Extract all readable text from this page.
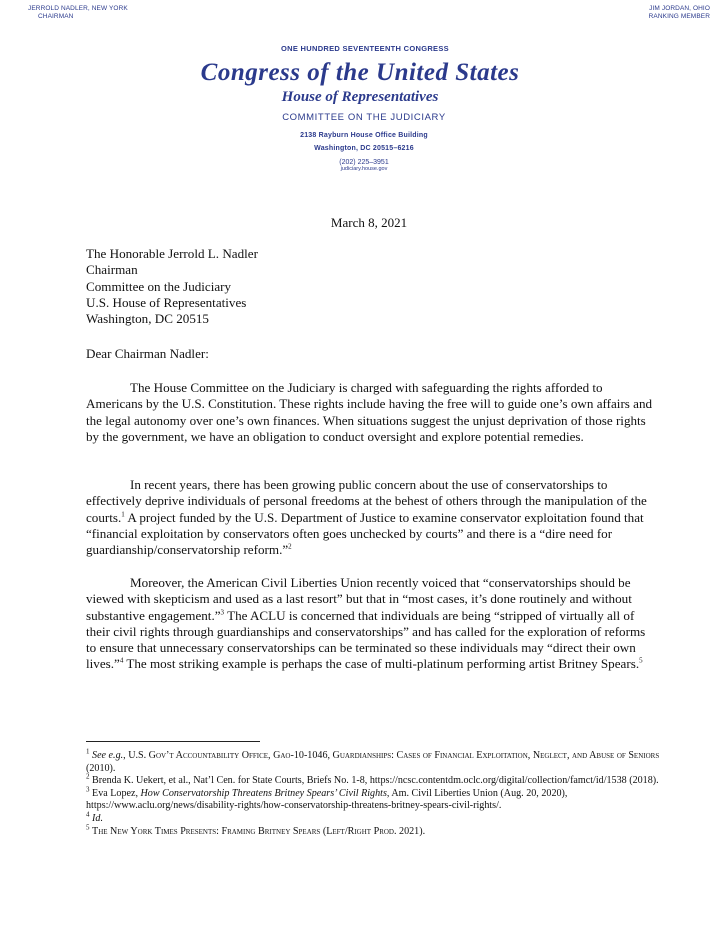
JERROLD NADLER, NEW YORK
CHAIRMAN
JIM JORDAN, OHIO
RANKING MEMBER
ONE HUNDRED SEVENTEENTH CONGRESS
Congress of the United States
House of Representatives
COMMITTEE ON THE JUDICIARY
2138 Rayburn House Office Building
Washington, DC 20515–6216
(202) 225–3951
judiciary.house.gov
March 8, 2021
The Honorable Jerrold L. Nadler
Chairman
Committee on the Judiciary
U.S. House of Representatives
Washington, DC 20515
Dear Chairman Nadler:

The House Committee on the Judiciary is charged with safeguarding the rights afforded to Americans by the U.S. Constitution. These rights include having the free will to guide one’s own affairs and the legal autonomy over one’s own finances. When situations suggest the unjust deprivation of those rights by the government, we have an obligation to conduct oversight and explore potential remedies.

In recent years, there has been growing public concern about the use of conservatorships to effectively deprive individuals of personal freedoms at the behest of others through the manipulation of the courts.$^1$ A project funded by the U.S. Department of Justice to examine conservator exploitation found that “financial exploitation by conservators often goes unchecked by courts” and there is a “dire need for guardianship/conservatorship reform.”$^2$

Moreover, the American Civil Liberties Union recently voiced that “conservatorships should be viewed with skepticism and used as a last resort” but that in “most cases, it’s done routinely and without substantive engagement.”$^3$ The ACLU is concerned that individuals are being “stripped of virtually all of their civil rights through guardianships and conservatorships” and has called for the exploration of reforms to ensure that unnecessary conservatorships can be terminated so these individuals may “direct their own lives.”$^4$ The most striking example is perhaps the case of multi-platinum performing artist Britney Spears.$^5$

$^1$ See e.g., U.S. Gov’t Accountability Office, Gao-10-1046, Guardianships: Cases of Financial Exploitation, Neglect, and Abuse of Seniors (2010).

$^2$ Brenda K. Uekert, et al., Nat’l Cen. for State Courts, Briefs No. 1-8, https://ncsc.contentdm.oclc.org/digital/collection/famct/id/1538 (2018).

$^3$ Eva Lopez, How Conservatorship Threatens Britney Spears’ Civil Rights, Am. Civil Liberties Union (Aug. 20, 2020), https://www.aclu.org/news/disability-rights/how-conservatorship-threatens-britney-spears-civil-rights/.

$^4$ Id.

$^5$ The New York Times Presents: Framing Britney Spears (Left/Right Prod. 2021).
